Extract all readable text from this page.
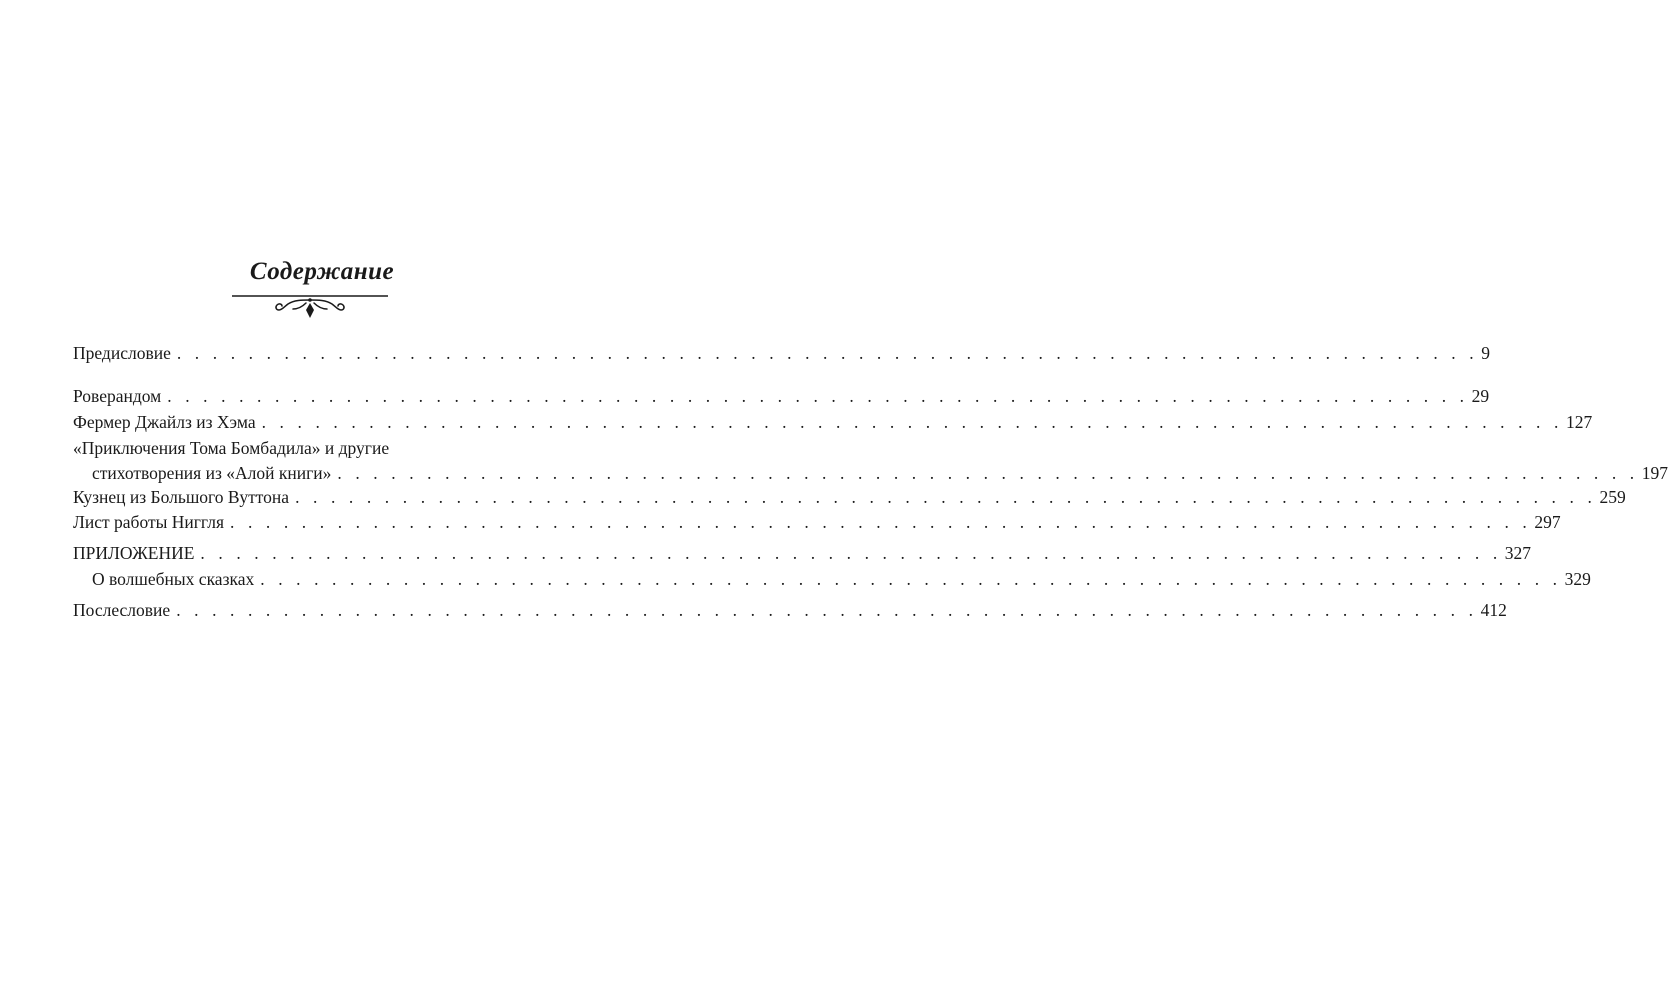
Содержание
Предисловие . . . . . . . . . . . . . . . . . . . . . . . . . . . . . . . . . . . . . . . . . . . . . . . . . . . . . . . . . . . . . . . . . . . . . . . . . 9
Роверандом . . . . . . . . . . . . . . . . . . . . . . . . . . . . . . . . . . . . . . . . . . . . . . . . . . . . . . . . . . . . . . . . . . . . . . . . . 29
Фермер Джайлз из Хэма . . . . . . . . . . . . . . . . . . . . . . . . . . . . . . . . . . . . . . . . . . . . . . . . . . . . . . . . . . . . . . . . . . . . . . . . . 127
«Приключения Тома Бомбадила» и другие
стихотворения из «Алой книги» . . . . . . . . . . . . . . . . . . . . . . . . . . . . . . . . . . . . . . . . . . . . . . . . . . . . . . . . . . . . . . . . . . . . . . . . . 197
Кузнец из Большого Вуттона . . . . . . . . . . . . . . . . . . . . . . . . . . . . . . . . . . . . . . . . . . . . . . . . . . . . . . . . . . . . . . . . . . . . . . . . . 259
Лист работы Ниггля . . . . . . . . . . . . . . . . . . . . . . . . . . . . . . . . . . . . . . . . . . . . . . . . . . . . . . . . . . . . . . . . . . . . . . . . . 297
ПРИЛОЖЕНИЕ . . . . . . . . . . . . . . . . . . . . . . . . . . . . . . . . . . . . . . . . . . . . . . . . . . . . . . . . . . . . . . . . . . . . . . . . . 327
О волшебных сказках . . . . . . . . . . . . . . . . . . . . . . . . . . . . . . . . . . . . . . . . . . . . . . . . . . . . . . . . . . . . . . . . . . . . . . . . . 329
Послесловие . . . . . . . . . . . . . . . . . . . . . . . . . . . . . . . . . . . . . . . . . . . . . . . . . . . . . . . . . . . . . . . . . . . . . . . . . 412
